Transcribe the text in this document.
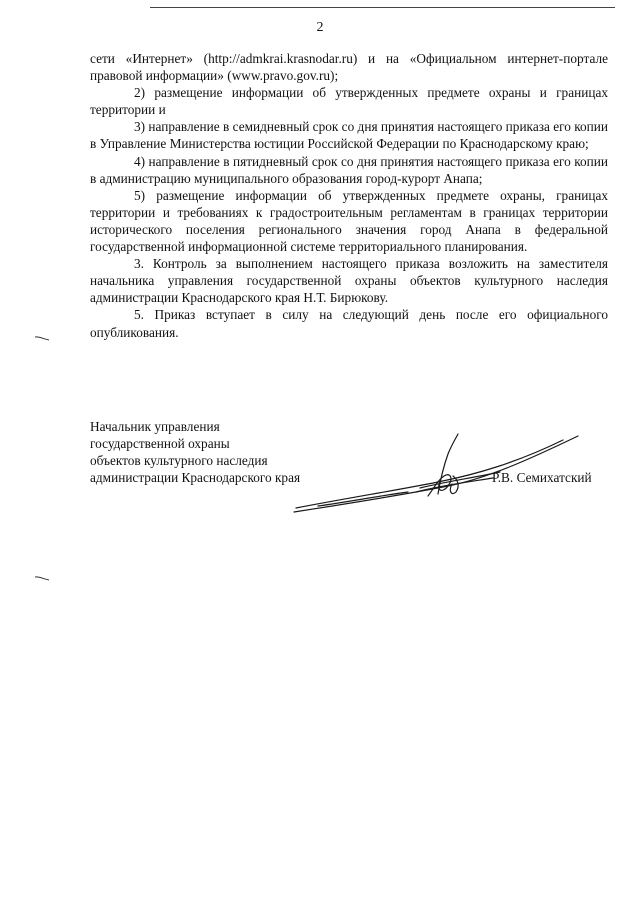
2

сети «Интернет» (http://admkrai.krasnodar.ru) и на «Официальном интернет-портале правовой информации» (www.pravo.gov.ru);

2) размещение информации об утвержденных предмете охраны и границах территории и

3) направление в семидневный срок со дня принятия настоящего приказа его копии в Управление Министерства юстиции Российской Федерации по Краснодарскому краю;

4) направление в пятидневный срок со дня принятия настоящего приказа его копии в администрацию муниципального образования город-курорт Анапа;

5) размещение информации об утвержденных предмете охраны, границах территории и требованиях к градостроительным регламентам в границах территории исторического поселения регионального значения город Анапа в федеральной государственной информационной системе территориального планирования.

3. Контроль за выполнением настоящего приказа возложить на заместителя начальника управления государственной охраны объектов культурного наследия администрации Краснодарского края Н.Т. Бирюкову.

5. Приказ вступает в силу на следующий день после его официального опубликования.

Начальник управления
государственной охраны
объектов культурного наследия
администрации Краснодарского края	Р.В. Семихатский
